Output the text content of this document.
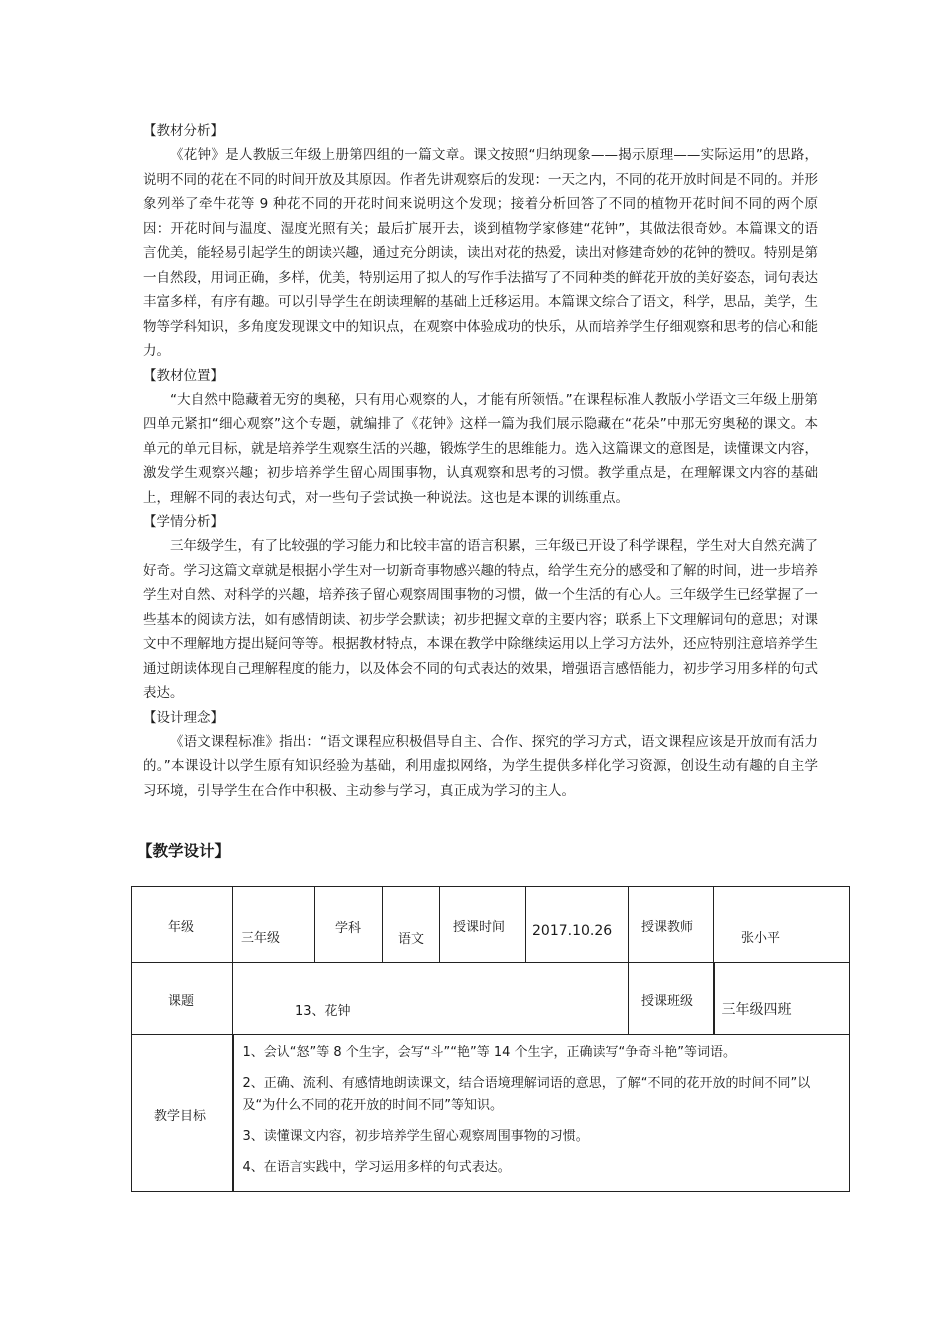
【教材分析】

《花钟》是人教版三年级上册第四组的一篇文章。课文按照“归纳现象——揭示原理——实际运用”的思路，说明不同的花在不同的时间开放及其原因。作者先讲观察后的发现：一天之内，不同的花开放时间是不同的。并形象列举了牵牛花等 9 种花不同的开花时间来说明这个发现；接着分析回答了不同的植物开花时间不同的两个原因：开花时间与温度、湿度光照有关；最后扩展开去，谈到植物学家修建“花钟”，其做法很奇妙。本篇课文的语言优美，能轻易引起学生的朗读兴趣，通过充分朗读，读出对花的热爱，读出对修建奇妙的花钟的赞叹。特别是第一自然段，用词正确，多样，优美，特别运用了拟人的写作手法描写了不同种类的鲜花开放的美好姿态，词句表达丰富多样，有序有趣。可以引导学生在朗读理解的基础上迁移运用。本篇课文综合了语文，科学，思品，美学，生物等学科知识，多角度发现课文中的知识点，在观察中体验成功的快乐，从而培养学生仔细观察和思考的信心和能力。

【教材位置】

“大自然中隐藏着无穷的奥秘，只有用心观察的人，才能有所领悟。”在课程标准人教版小学语文三年级上册第四单元紧扣“细心观察”这个专题，就编排了《花钟》这样一篇为我们展示隐藏在“花朵”中那无穷奥秘的课文。本单元的单元目标，就是培养学生观察生活的兴趣，锻炼学生的思维能力。选入这篇课文的意图是，读懂课文内容，激发学生观察兴趣；初步培养学生留心周围事物，认真观察和思考的习惯。教学重点是，在理解课文内容的基础上，理解不同的表达句式，对一些句子尝试换一种说法。这也是本课的训练重点。

【学情分析】

三年级学生，有了比较强的学习能力和比较丰富的语言积累，三年级已开设了科学课程，学生对大自然充满了好奇。学习这篇文章就是根据小学生对一切新奇事物感兴趣的特点，给学生充分的感受和了解的时间，进一步培养学生对自然、对科学的兴趣，培养孩子留心观察周围事物的习惯，做一个生活的有心人。三年级学生已经掌握了一些基本的阅读方法，如有感情朗读、初步学会默读；初步把握文章的主要内容；联系上下文理解词句的意思；对课文中不理解地方提出疑问等等。根据教材特点，本课在教学中除继续运用以上学习方法外，还应特别注意培养学生通过朗读体现自己理解程度的能力，以及体会不同的句式表达的效果，增强语言感悟能力，初步学习用多样的句式表达。

【设计理念】

《语文课程标准》指出：“语文课程应积极倡导自主、合作、探究的学习方式，语文课程应该是开放而有活力的。”本课设计以学生原有知识经验为基础，利用虚拟网络，为学生提供多样化学习资源，创设生动有趣的自主学习环境，引导学生在合作中积极、主动参与学习，真正成为学习的主人。

【教学设计】
年级	三年级	学科	语文	授课时间	2017.10.26	授课教师	张小平

课题	13、花钟					授课班级	三年级四班

教学目标	1、会认“怒”等 8 个生字，会写“斗”“艳”等 14 个生字，正确读写“争奇斗艳”等词语。

2、正确、流利、有感情地朗读课文，结合语境理解词语的意思，了解“不同的花开放的时间不同”以及“为什么不同的花开放的时间不同”等知识。

3、读懂课文内容，初步培养学生留心观察周围事物的习惯。

4、在语言实践中，学习运用多样的句式表达。						
